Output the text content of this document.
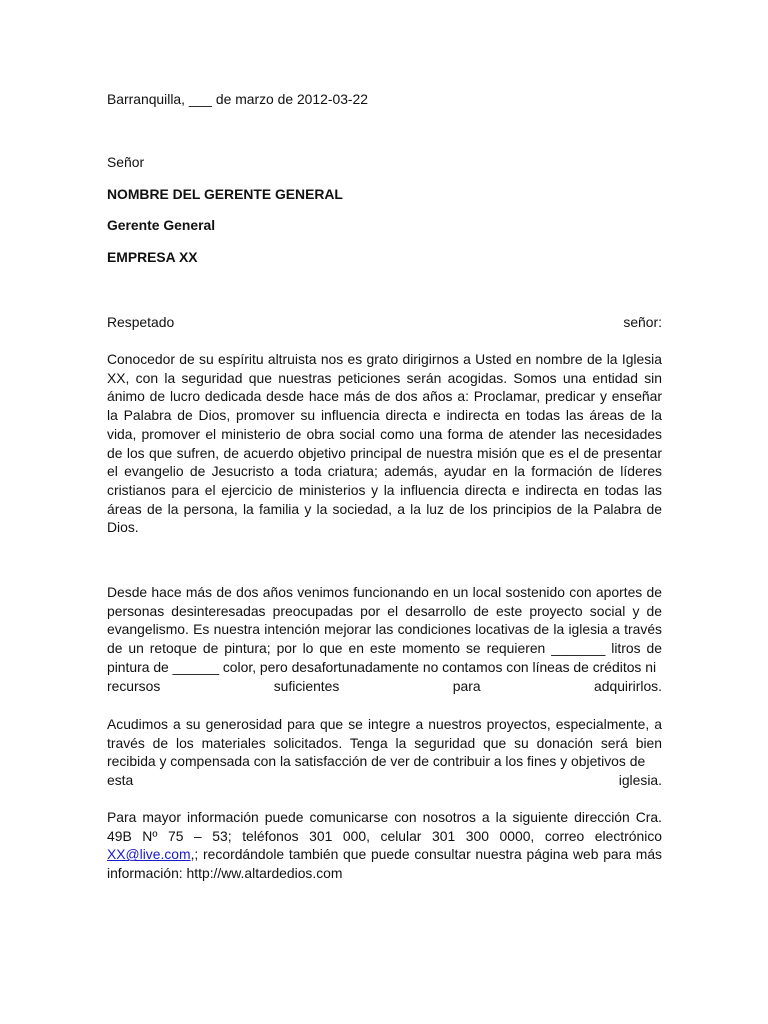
Barranquilla, ___ de marzo de 2012-03-22

Señor

NOMBRE DEL GERENTE GENERAL

Gerente General

EMPRESA XX

Respetado	señor:

Conocedor de su espíritu altruista nos es grato dirigirnos a Usted en nombre de la Iglesia XX, con la seguridad que nuestras peticiones serán acogidas. Somos una entidad sin ánimo de lucro dedicada desde hace más de dos años a: Proclamar, predicar y enseñar la Palabra de Dios, promover su influencia directa e indirecta en todas las áreas de la vida, promover el ministerio de obra social como una forma de atender las necesidades de los que sufren, de acuerdo objetivo principal de nuestra misión que es el de presentar el evangelio de Jesucristo a toda criatura; además, ayudar en la formación de líderes cristianos para el ejercicio de ministerios y la influencia directa e indirecta en todas las áreas de la persona, la familia y la sociedad, a la luz de los principios de la Palabra de Dios.

Desde hace más de dos años venimos funcionando en un local sostenido con aportes de personas desinteresadas preocupadas por el desarrollo de este proyecto social y de evangelismo. Es nuestra intención mejorar las condiciones locativas de la iglesia a través de un retoque de pintura; por lo que en este momento se requieren _______ litros de pintura de ______ color, pero desafortunadamente no contamos con líneas de créditos ni
recursos	suficientes	para	adquirirlos.
Acudimos a su generosidad para que se integre a nuestros proyectos, especialmente, a través de los materiales solicitados. Tenga la seguridad que su donación será bien recibida y compensada con la satisfacción de ver de contribuir a los fines y objetivos de
esta	iglesia.

Para mayor información puede comunicarse con nosotros a la siguiente dirección Cra. 49B Nº 75 – 53; teléfonos 301 000, celular 301 300 0000, correo electrónico XX@live.com,; recordándole también que puede consultar nuestra página web para más información: http://ww.altardedios.com
